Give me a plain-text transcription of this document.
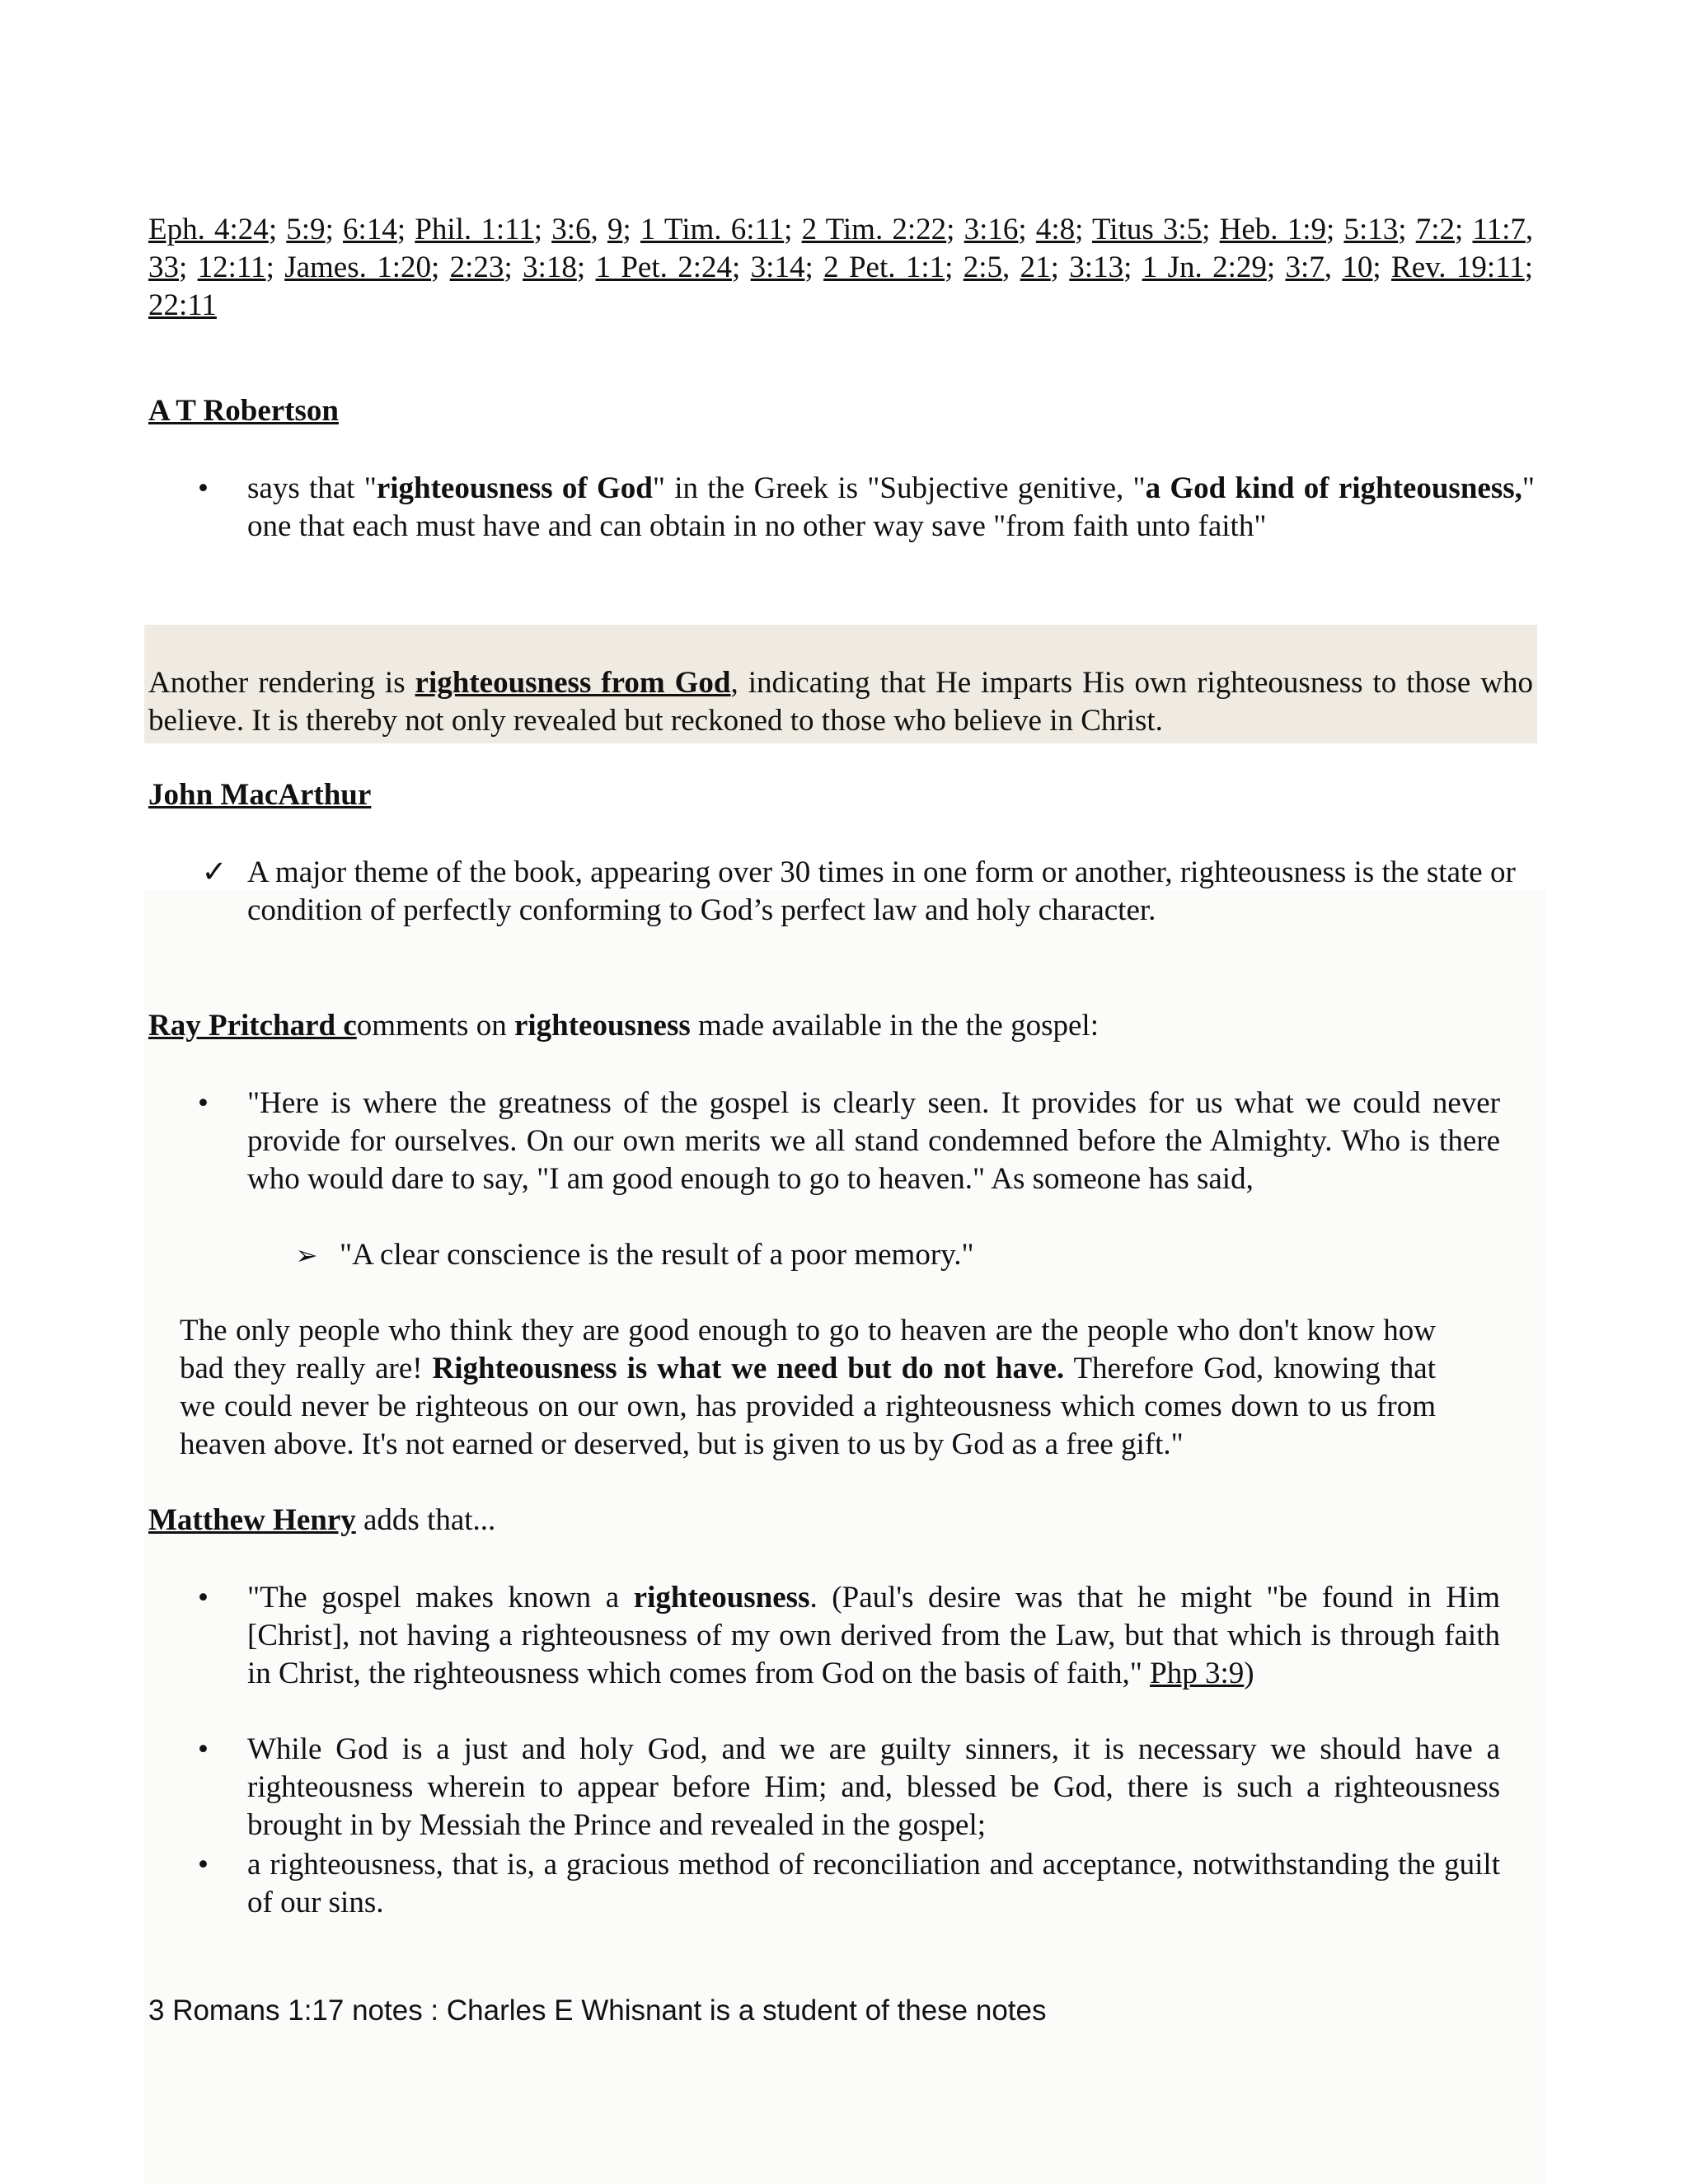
Eph. 4:24; 5:9; 6:14; Phil. 1:11; 3:6, 9; 1 Tim. 6:11; 2 Tim. 2:22; 3:16; 4:8; Titus 3:5; Heb. 1:9; 5:13; 7:2; 11:7, 33; 12:11; James. 1:20; 2:23; 3:18; 1 Pet. 2:24; 3:14; 2 Pet. 1:1; 2:5, 21; 3:13; 1 Jn. 2:29; 3:7, 10; Rev. 19:11; 22:11
A T Robertson
•	says that "righteousness of God" in the Greek is "Subjective genitive, "a God kind of righteousness," one that each must have and can obtain in no other way save "from faith unto faith"
Another rendering is righteousness from God, indicating that He imparts His own righteousness to those who believe. It is thereby not only revealed but reckoned to those who believe in Christ.
John MacArthur
✓ A major theme of the book, appearing over 30 times in one form or another, righteousness is the state or condition of perfectly conforming to God’s perfect law and holy character.
Ray Pritchard comments on righteousness made available in the the gospel:
•	"Here is where the greatness of the gospel is clearly seen. It provides for us what we could never provide for ourselves. On our own merits we all stand condemned before the Almighty. Who is there who would dare to say, "I am good enough to go to heaven." As someone has said,
➢ "A clear conscience is the result of a poor memory."
The only people who think they are good enough to go to heaven are the people who don't know how bad they really are! Righteousness is what we need but do not have. Therefore God, knowing that we could never be righteous on our own, has provided a righteousness which comes down to us from heaven above. It's not earned or deserved, but is given to us by God as a free gift."
Matthew Henry adds that...
•	"The gospel makes known a righteousness. (Paul's desire was that he might "be found in Him [Christ], not having a righteousness of my own derived from the Law, but that which is through faith in Christ, the righteousness which comes from God on the basis of faith," Php 3:9)
•	While God is a just and holy God, and we are guilty sinners, it is necessary we should have a righteousness wherein to appear before Him; and, blessed be God, there is such a righteousness brought in by Messiah the Prince and revealed in the gospel;
•	a righteousness, that is, a gracious method of reconciliation and acceptance, notwithstanding the guilt of our sins.
3 Romans 1:17 notes : Charles E Whisnant is a student of these notes
